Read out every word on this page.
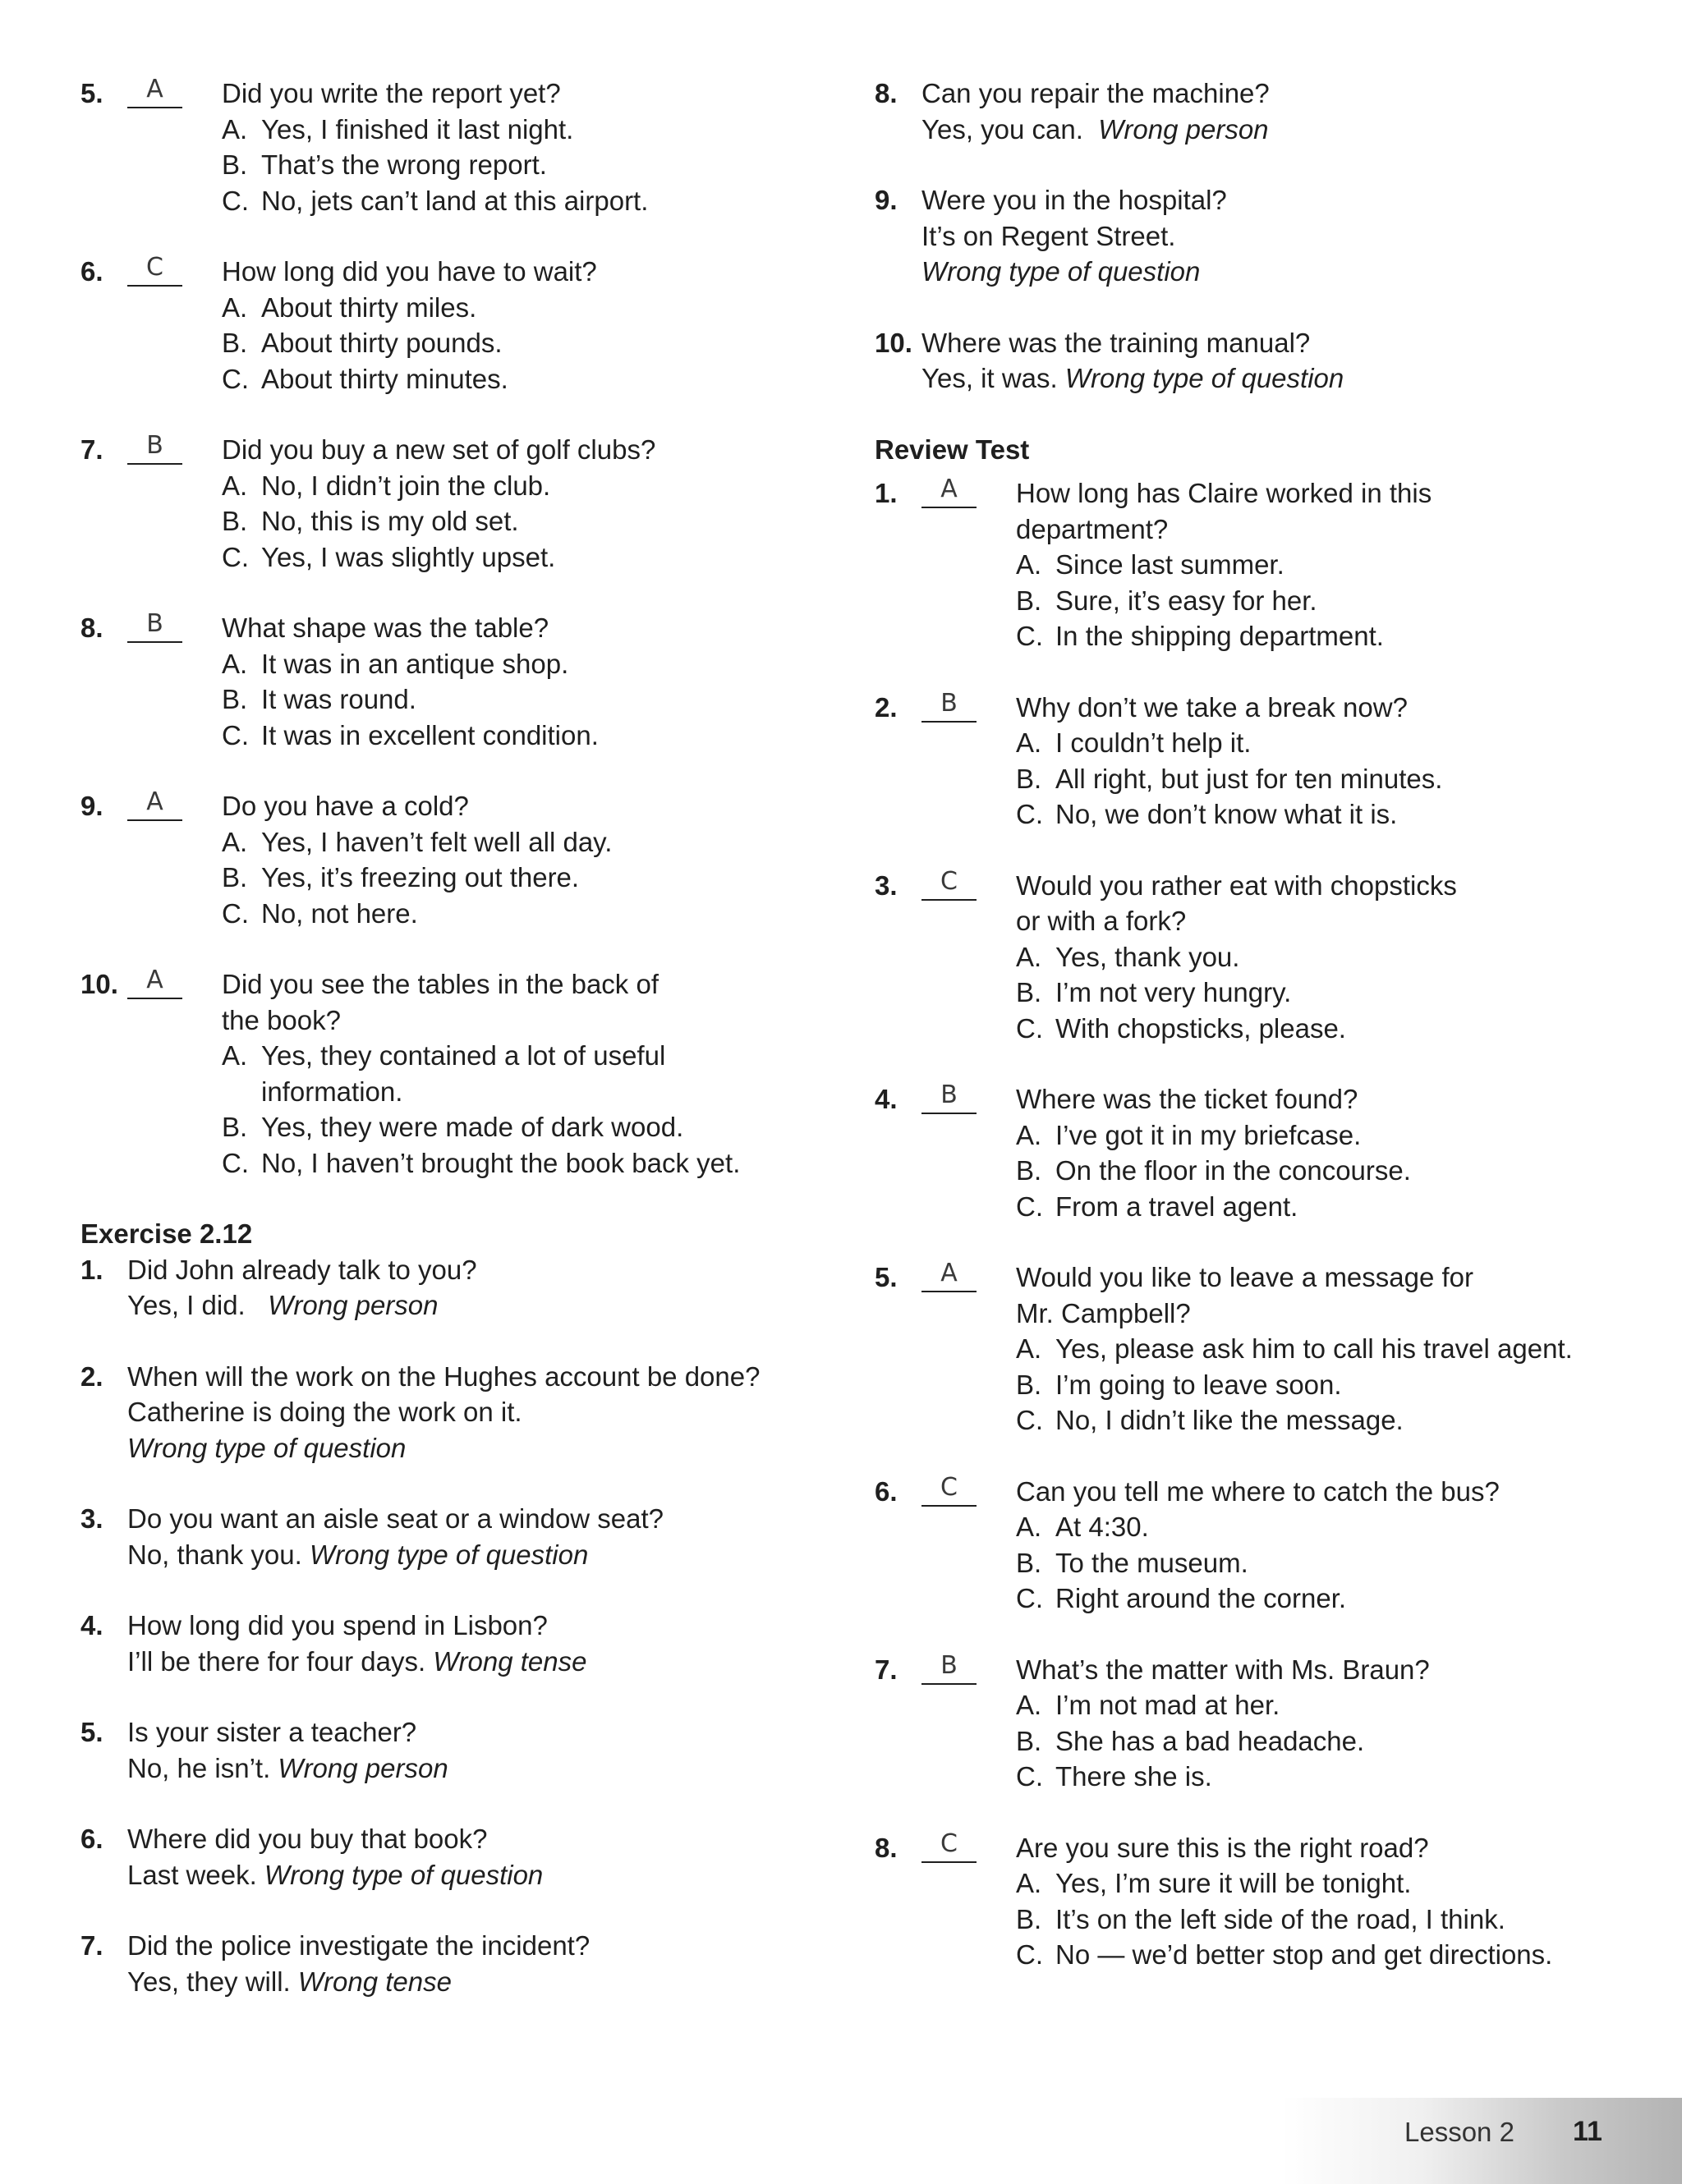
5.	A	Did you write the report yet?
A. Yes, I finished it last night.
B. That’s the wrong report.
C. No, jets can’t land at this airport.
6.	C	How long did you have to wait?
A. About thirty miles.
B. About thirty pounds.
C. About thirty minutes.
7.	B	Did you buy a new set of golf clubs?
A. No, I didn’t join the club.
B. No, this is my old set.
C. Yes, I was slightly upset.
8.	B	What shape was the table?
A. It was in an antique shop.
B. It was round.
C. It was in excellent condition.
9.	A	Do you have a cold?
A. Yes, I haven’t felt well all day.
B. Yes, it’s freezing out there.
C. No, not here.
10.	A	Did you see the tables in the back of
the book?
A. Yes, they contained a lot of useful
information.
B. Yes, they were made of dark wood.
C. No, I haven’t brought the book back yet.
Exercise 2.12
1. Did John already talk to you?
Yes, I did. Wrong person
2. When will the work on the Hughes account be done?
Catherine is doing the work on it.
Wrong type of question
3. Do you want an aisle seat or a window seat?
No, thank you. Wrong type of question
4. How long did you spend in Lisbon?
I’ll be there for four days. Wrong tense
5. Is your sister a teacher?
No, he isn’t. Wrong person
6. Where did you buy that book?
Last week. Wrong type of question
7. Did the police investigate the incident?
Yes, they will. Wrong tense
8. Can you repair the machine?
Yes, you can. Wrong person
9. Were you in the hospital?
It’s on Regent Street.
Wrong type of question
10. Where was the training manual?
Yes, it was. Wrong type of question
Review Test
1.	A	How long has Claire worked in this
department?
A. Since last summer.
B. Sure, it’s easy for her.
C. In the shipping department.
2.	B	Why don’t we take a break now?
A. I couldn’t help it.
B. All right, but just for ten minutes.
C. No, we don’t know what it is.
3.	C	Would you rather eat with chopsticks
or with a fork?
A. Yes, thank you.
B. I’m not very hungry.
C. With chopsticks, please.
4.	B	Where was the ticket found?
A. I’ve got it in my briefcase.
B. On the floor in the concourse.
C. From a travel agent.
5.	A	Would you like to leave a message for
Mr. Campbell?
A. Yes, please ask him to call his travel agent.
B. I’m going to leave soon.
C. No, I didn’t like the message.
6.	C	Can you tell me where to catch the bus?
A. At 4:30.
B. To the museum.
C. Right around the corner.
7.	B	What’s the matter with Ms. Braun?
A. I’m not mad at her.
B. She has a bad headache.
C. There she is.
8.	C	Are you sure this is the right road?
A. Yes, I’m sure it will be tonight.
B. It’s on the left side of the road, I think.
C. No — we’d better stop and get directions.
Lesson 2 11
